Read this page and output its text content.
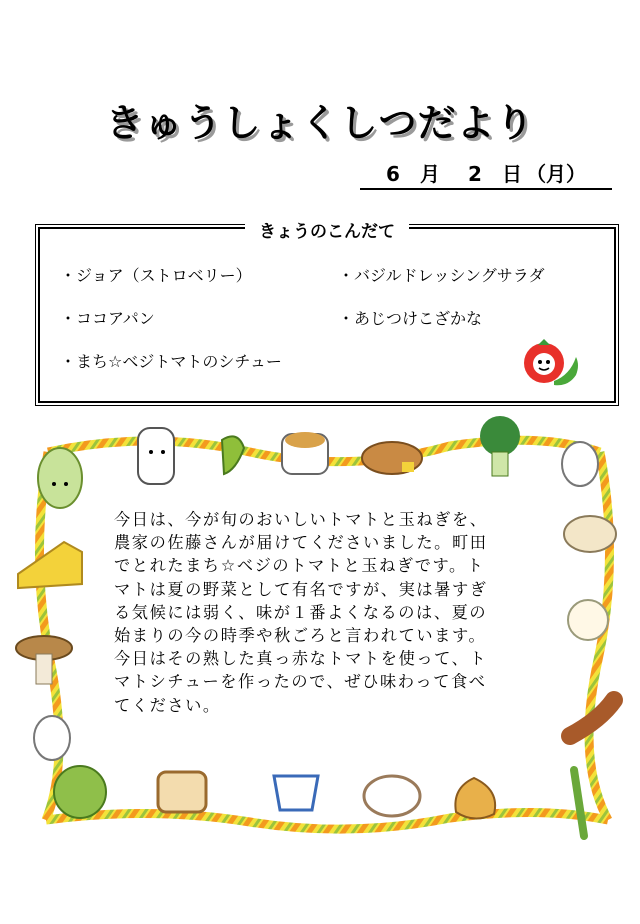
きゅうしょくしつだより
6 月 2 日 （月）
きょうのこんだて
・ジョア（ストロベリー）
・ココアパン
・まち☆ベジトマトのシチュー
・バジルドレッシングサラダ
・あじつけこざかな

今日は、今が旬のおいしいトマトと玉ねぎを、

農家の佐藤さんが届けてくださいました。町田

でとれたまち☆ベジのトマトと玉ねぎです。ト

マトは夏の野菜として有名ですが、実は暑すぎ

る気候には弱く、味が１番よくなるのは、夏の

始まりの今の時季や秋ごろと言われています。

今日はその熟した真っ赤なトマトを使って、ト

マトシチューを作ったので、ぜひ味わって食べ

てください。
